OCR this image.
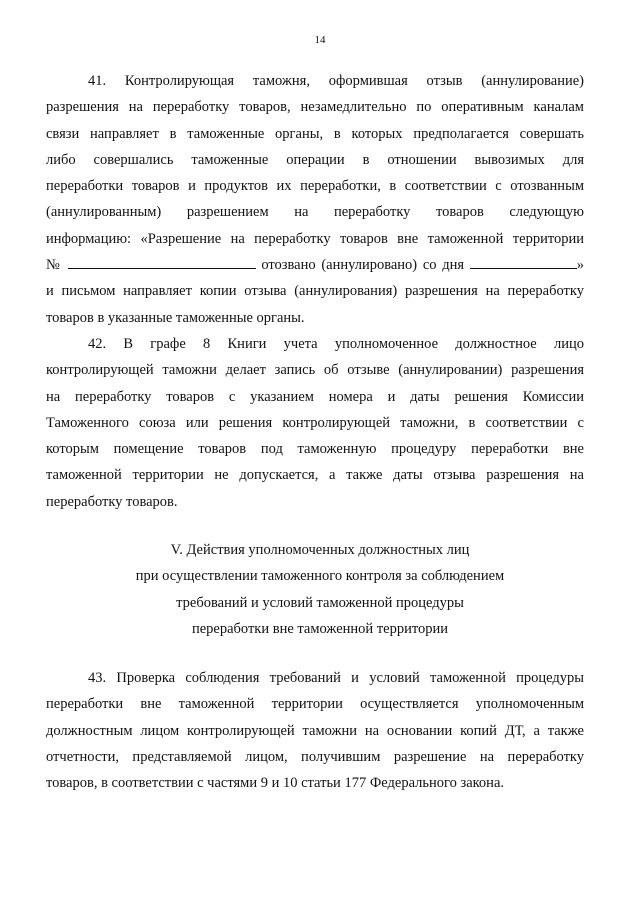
14
41. Контролирующая таможня, оформившая отзыв (аннулирование)
разрешения на переработку товаров, незамедлительно по оперативным каналам
связи направляет в таможенные органы, в которых предполагается совершать
либо совершались таможенные операции в отношении вывозимых для
переработки товаров и продуктов их переработки, в соответствии с отозванным
(аннулированным) разрешением на переработку товаров следующую
информацию: «Разрешение на переработку товаров вне таможенной территории
№	отозвано (аннулировано) со дня	»
и письмом направляет копии отзыва (аннулирования) разрешения на переработку
товаров в указанные таможенные органы.
42. В графе 8 Книги учета уполномоченное должностное лицо
контролирующей таможни делает запись об отзыве (аннулировании) разрешения
на переработку товаров с указанием номера и даты решения Комиссии
Таможенного союза или решения контролирующей таможни, в соответствии с
которым помещение товаров под таможенную процедуру переработки вне
таможенной территории не допускается, а также даты отзыва разрешения на
переработку товаров.
V. Действия уполномоченных должностных лиц
при осуществлении таможенного контроля за соблюдением
требований и условий таможенной процедуры
переработки вне таможенной территории
43. Проверка соблюдения требований и условий таможенной процедуры
переработки вне таможенной территории осуществляется уполномоченным
должностным лицом контролирующей таможни на основании копий ДТ, а также
отчетности, представляемой лицом, получившим разрешение на переработку
товаров, в соответствии с частями 9 и 10 статьи 177 Федерального закона.
